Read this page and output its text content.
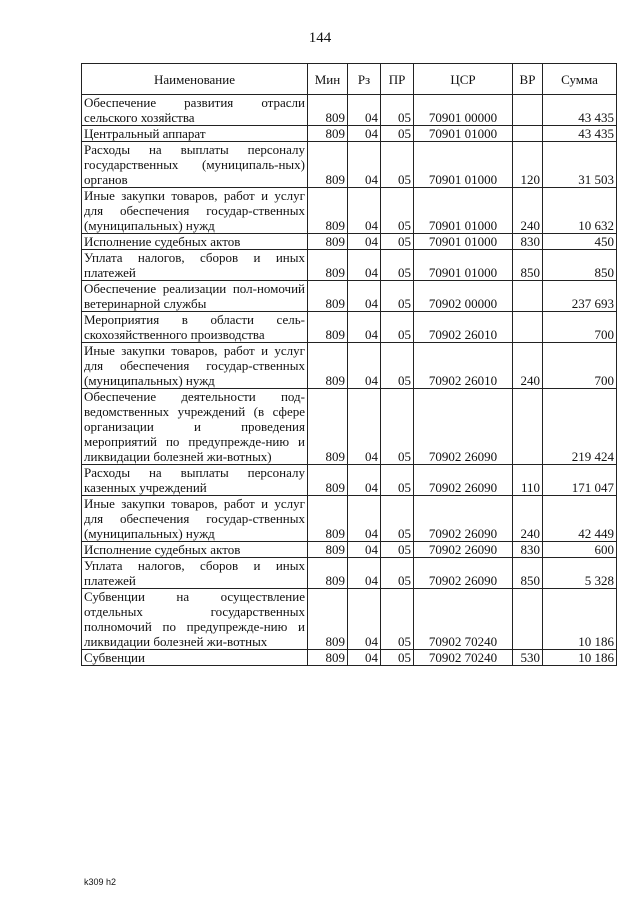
144
Наименование	Мин	Рз	ПР	ЦСР	ВР	Сумма
Обеспечение развития отрасли сельского хозяйства	809	04	05	70901 00000		43 435
Центральный аппарат	809	04	05	70901 01000		43 435
Расходы на выплаты персоналу государственных (муниципаль-ных) органов	809	04	05	70901 01000	120	31 503
Иные закупки товаров, работ и услуг для обеспечения государ-ственных (муниципальных) нужд	809	04	05	70901 01000	240	10 632
Исполнение судебных актов	809	04	05	70901 01000	830	450
Уплата налогов, сборов и иных платежей	809	04	05	70901 01000	850	850
Обеспечение реализации пол-номочий ветеринарной службы	809	04	05	70902 00000		237 693
Мероприятия в области сель-скохозяйственного производства	809	04	05	70902 26010		700
Иные закупки товаров, работ и услуг для обеспечения государ-ственных (муниципальных) нужд	809	04	05	70902 26010	240	700
Обеспечение деятельности под-ведомственных учреждений (в сфере организации и проведения мероприятий по предупрежде-нию и ликвидации болезней жи-вотных)	809	04	05	70902 26090		219 424
Расходы на выплаты персоналу казенных учреждений	809	04	05	70902 26090	110	171 047
Иные закупки товаров, работ и услуг для обеспечения государ-ственных (муниципальных) нужд	809	04	05	70902 26090	240	42 449
Исполнение судебных актов	809	04	05	70902 26090	830	600
Уплата налогов, сборов и иных платежей	809	04	05	70902 26090	850	5 328
Субвенции на осуществление отдельных государственных полномочий по предупрежде-нию и ликвидации болезней жи-вотных	809	04	05	70902 70240		10 186
Субвенции	809	04	05	70902 70240	530	10 186
k309 h2
